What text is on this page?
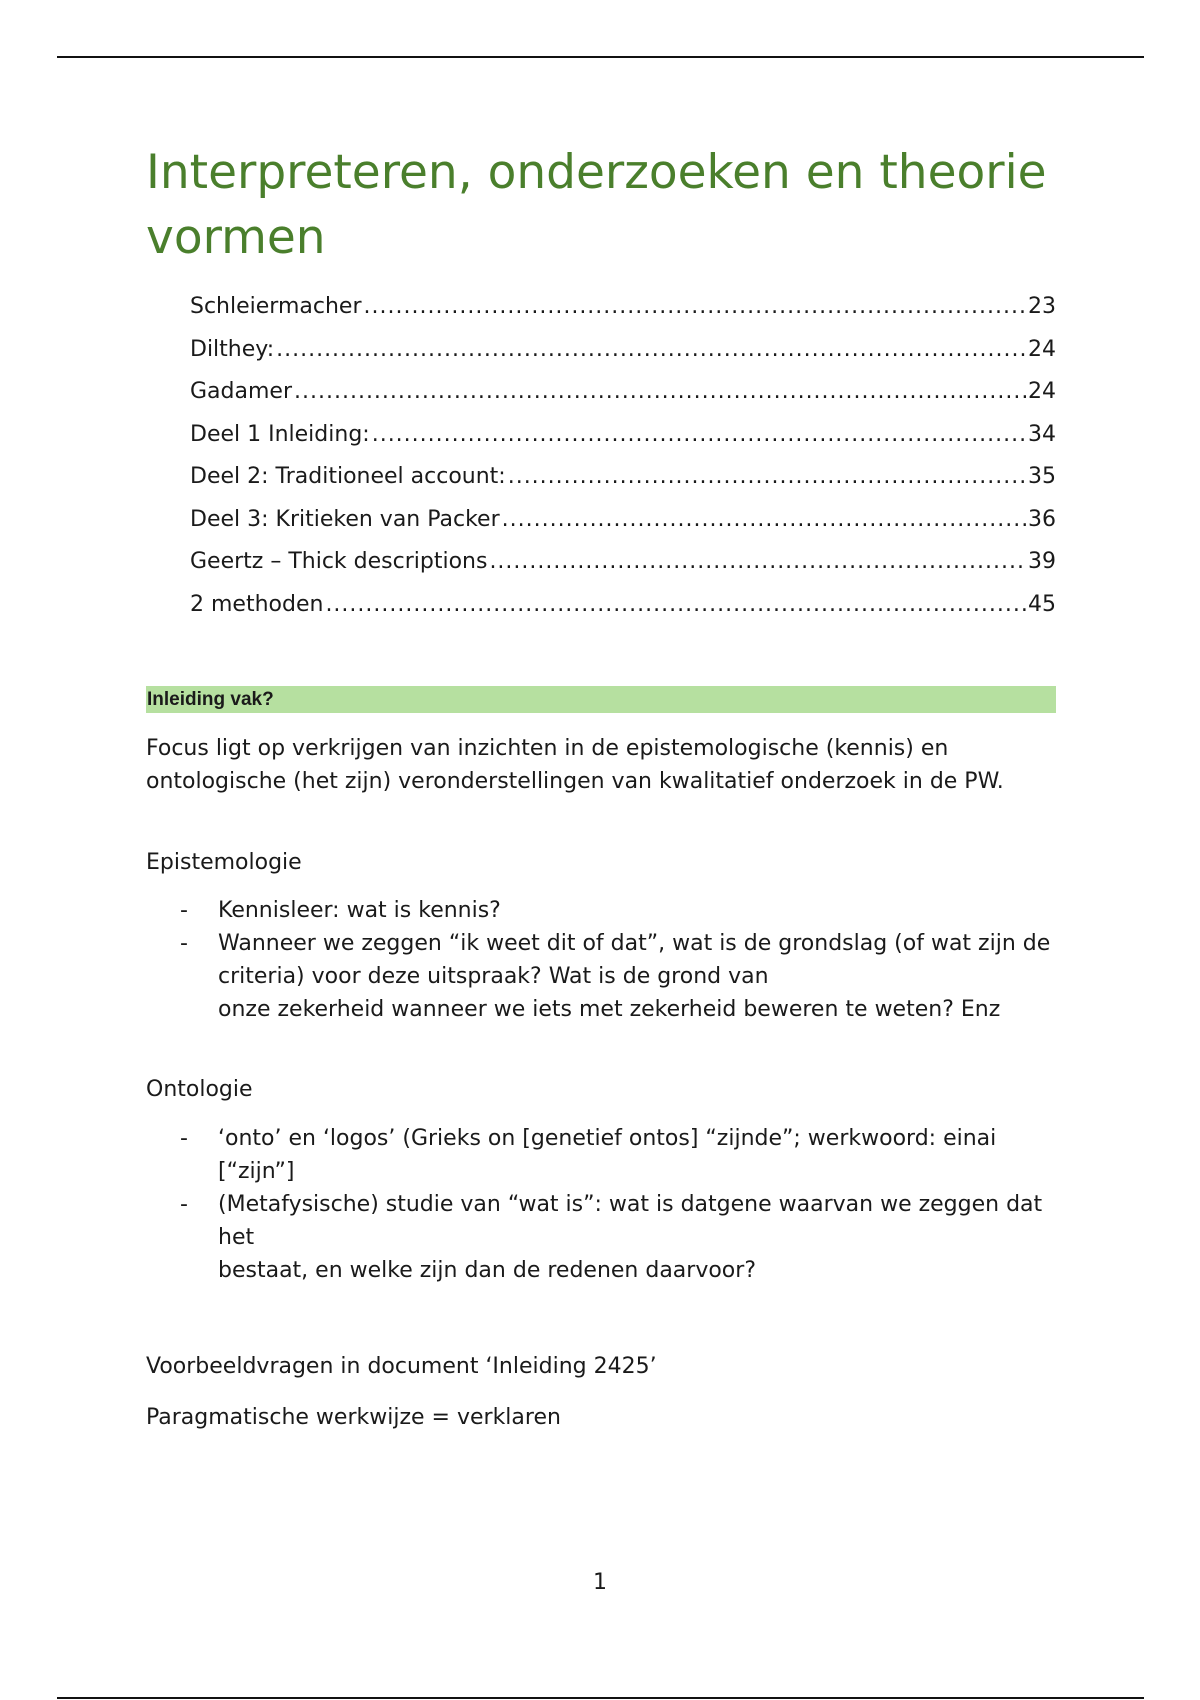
Interpreteren, onderzoeken en theorie vormen
Schleiermacher .....	23
Dilthey: .....	24
Gadamer .....	24
Deel 1 Inleiding: .....	34
Deel 2: Traditioneel account: .....	35
Deel 3: Kritieken van Packer .....	36
Geertz – Thick descriptions .....	39
2 methoden .....	45
Inleiding vak?

Focus ligt op verkrijgen van inzichten in de epistemologische (kennis) en ontologische (het zijn) veronderstellingen van kwalitatief onderzoek in de PW.

Epistemologie

- Kennisleer: wat is kennis?
- Wanneer we zeggen “ik weet dit of dat”, wat is de grondslag (of wat zijn de criteria) voor deze uitspraak? Wat is de grond van
onze zekerheid wanneer we iets met zekerheid beweren te weten? Enz

Ontologie

- ‘onto’ en ‘logos’ (Grieks on [genetief ontos] “zijnde”; werkwoord: einai [“zijn”]
- (Metafysische) studie van “wat is”: wat is datgene waarvan we zeggen dat het
bestaat, en welke zijn dan de redenen daarvoor?

Voorbeeldvragen in document ‘Inleiding 2425’

Paragmatische werkwijze = verklaren

1
